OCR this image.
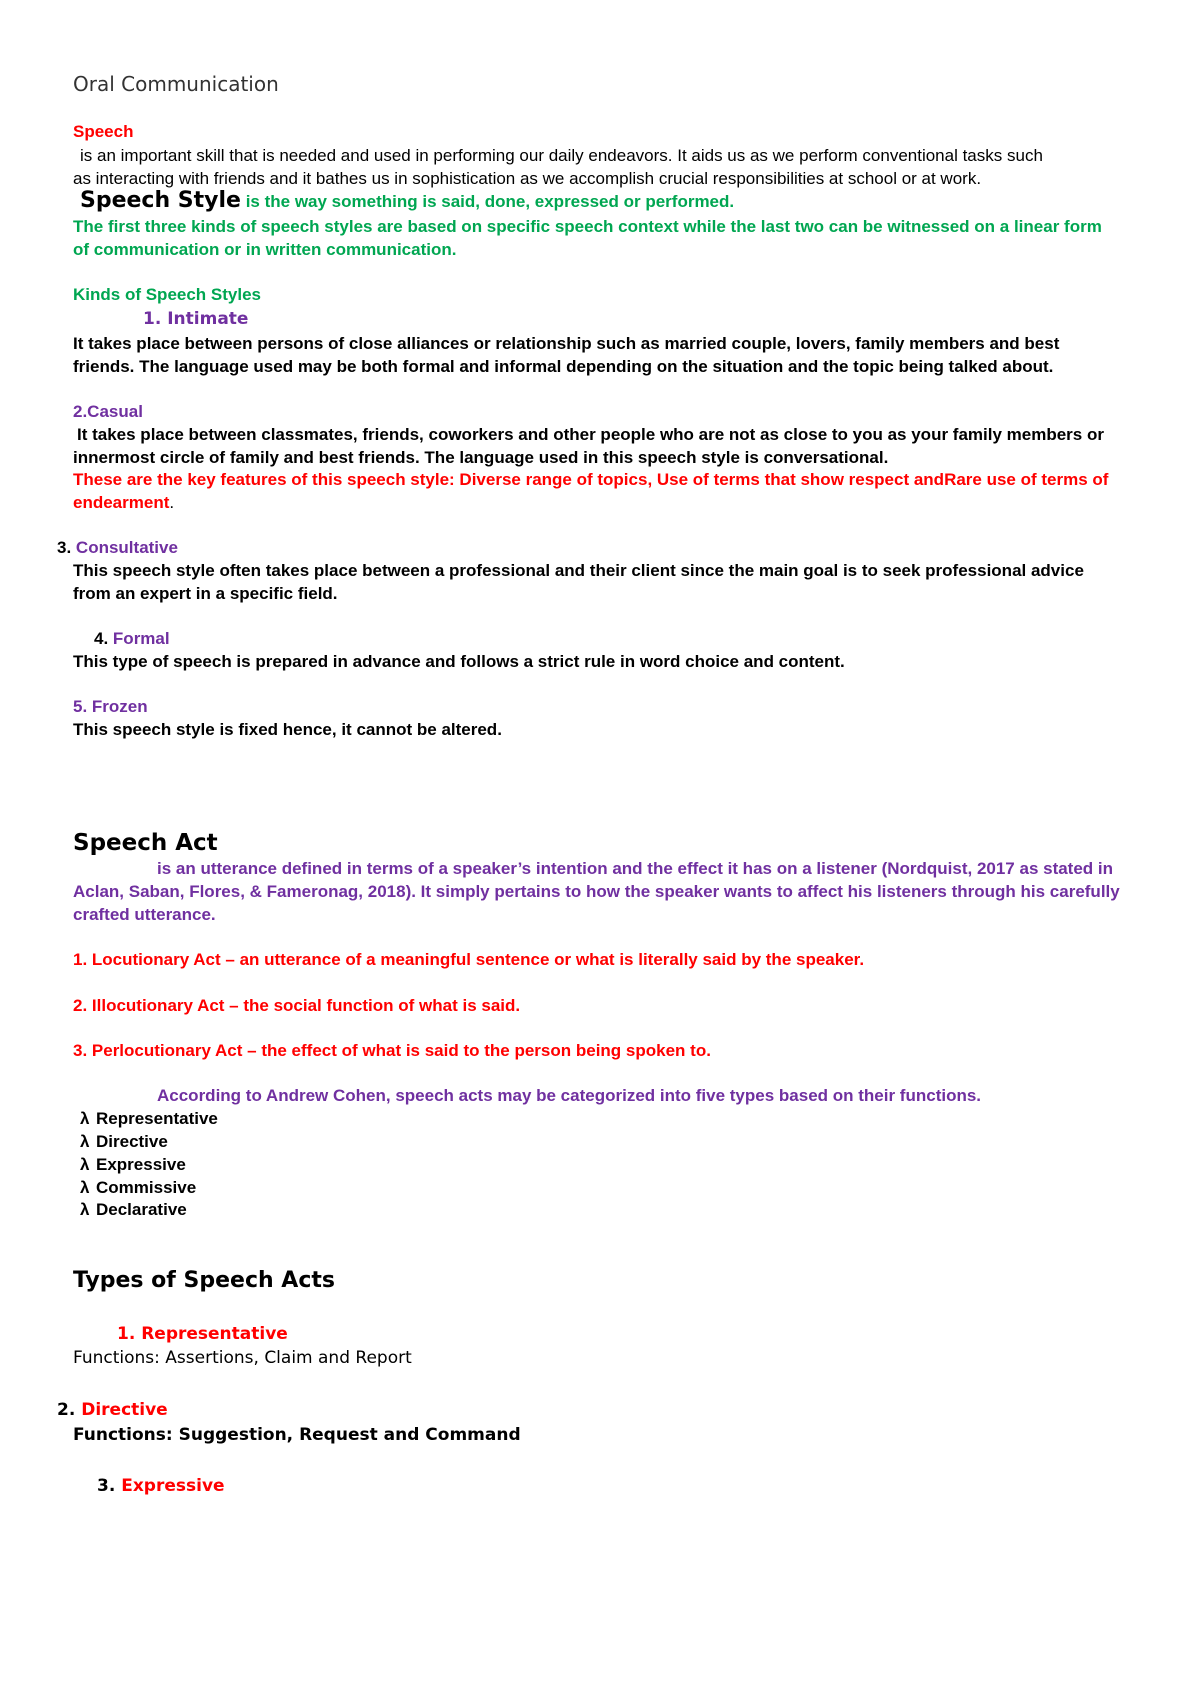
Oral Communication
Speech
is an important skill that is needed and used in performing our daily endeavors. It aids us as we perform conventional tasks such
as interacting with friends and it bathes us in sophistication as we accomplish crucial responsibilities at school or at work.
Speech Style is the way something is said, done, expressed or performed.
The first three kinds of speech styles are based on specific speech context while the last two can be witnessed on a linear form
of communication or in written communication.
Kinds of Speech Styles
1. Intimate
It takes place between persons of close alliances or relationship such as married couple, lovers, family members and best
friends. The language used may be both formal and informal depending on the situation and the topic being talked about.
2.Casual
It takes place between classmates, friends, coworkers and other people who are not as close to you as your family members or
innermost circle of family and best friends. The language used in this speech style is conversational.
These are the key features of this speech style: Diverse range of topics, Use of terms that show respect andRare use of terms of
endearment.
3. Consultative
This speech style often takes place between a professional and their client since the main goal is to seek professional advice
from an expert in a specific field.
4. Formal
This type of speech is prepared in advance and follows a strict rule in word choice and content.
5. Frozen
This speech style is fixed hence, it cannot be altered.
Speech Act
is an utterance defined in terms of a speaker’s intention and the effect it has on a listener (Nordquist, 2017 as stated in
Aclan, Saban, Flores, & Fameronag, 2018). It simply pertains to how the speaker wants to affect his listeners through his carefully
crafted utterance.
1. Locutionary Act – an utterance of a meaningful sentence or what is literally said by the speaker.
2. Illocutionary Act – the social function of what is said.
3. Perlocutionary Act – the effect of what is said to the person being spoken to.
According to Andrew Cohen, speech acts may be categorized into five types based on their functions.
λ Representative
λ Directive
λ Expressive
λ Commissive
λ Declarative
Types of Speech Acts
1. Representative
Functions: Assertions, Claim and Report
2. Directive
Functions: Suggestion, Request and Command
3. Expressive
